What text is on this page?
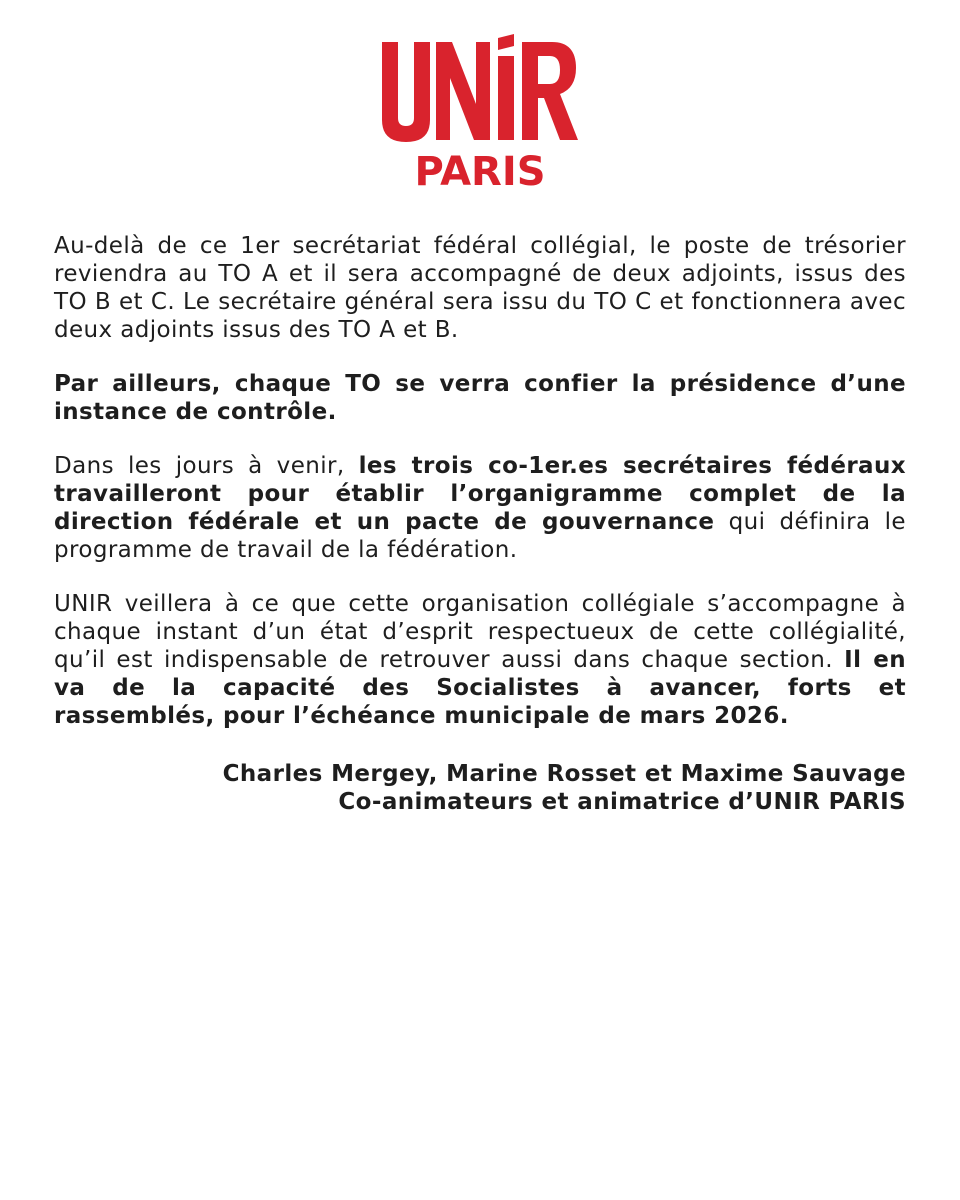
PARIS

Au-delà de ce 1er secrétariat fédéral collégial, le poste de trésorier reviendra au TO A et il sera accompagné de deux adjoints, issus des TO B et C. Le secrétaire général sera issu du TO C et fonctionnera avec deux adjoints issus des TO A et B.

Par ailleurs, chaque TO se verra confier la présidence d’une instance de contrôle.

Dans les jours à venir, les trois co-1er.es secrétaires fédéraux travailleront pour établir l’organigramme complet de la direction fédérale et un pacte de gouvernance qui définira le programme de travail de la fédération.

UNIR veillera à ce que cette organisation collégiale s’accompagne à chaque instant d’un état d’esprit respectueux de cette collégialité, qu’il est indispensable de retrouver aussi dans chaque section. Il en va de la capacité des Socialistes à avancer, forts et rassemblés, pour l’échéance municipale de mars 2026.

Charles Mergey, Marine Rosset et Maxime Sauvage
Co-animateurs et animatrice d’UNIR PARIS
